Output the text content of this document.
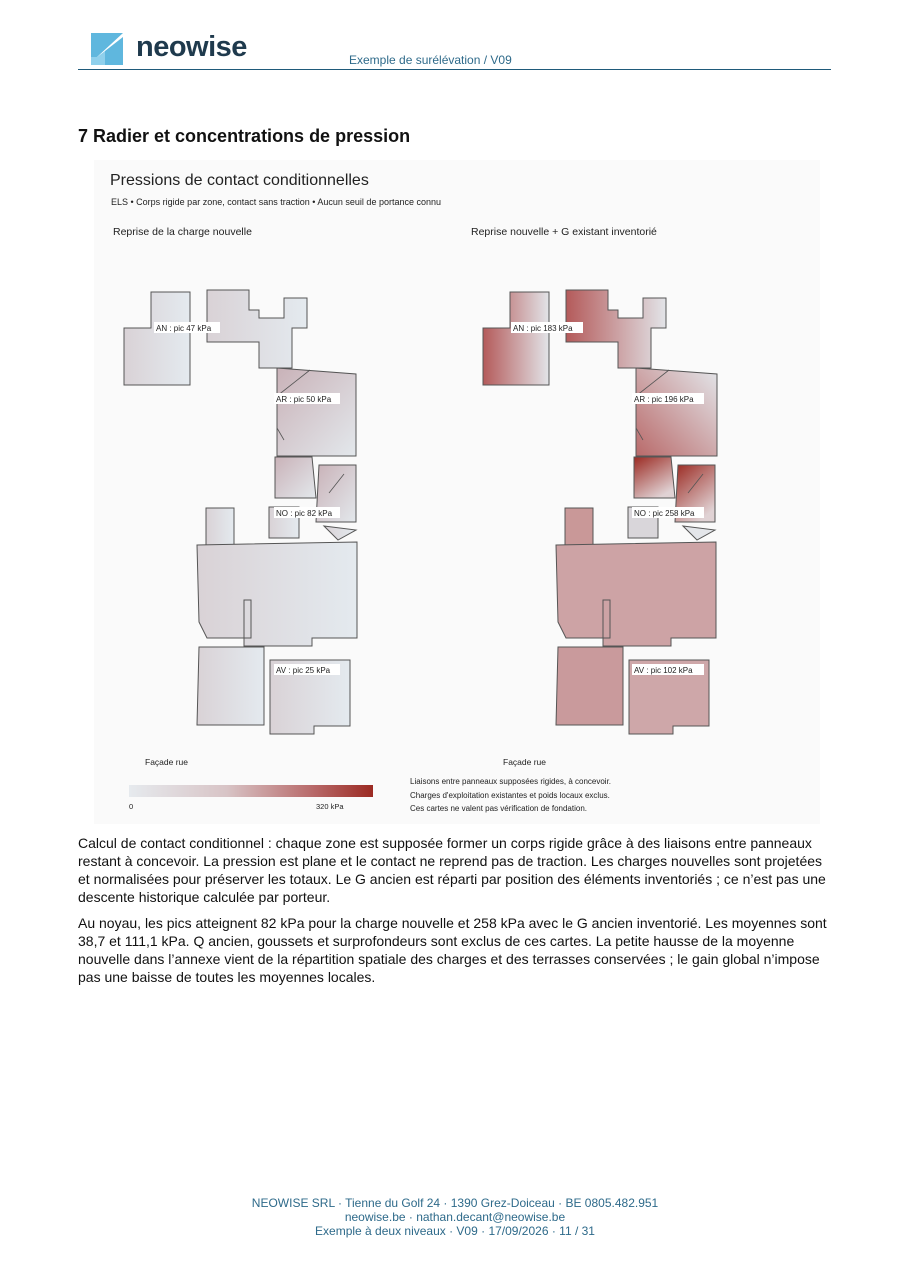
neowise	Exemple de surélévation / V09
7 Radier et concentrations de pression
Pressions de contact conditionnelles
ELS • Corps rigide par zone, contact sans traction • Aucun seuil de portance connu
Reprise de la charge nouvelle	Reprise nouvelle + G existant inventorié
AN : pic 47 kPa
AR : pic 50 kPa
NO : pic 82 kPa
AV : pic 25 kPa
AN : pic 183 kPa
AR : pic 196 kPa
NO : pic 258 kPa
AV : pic 102 kPa
Façade rue	Façade rue
0	320 kPa
Liaisons entre panneaux supposées rigides, à concevoir.
Charges d'exploitation existantes et poids locaux exclus.
Ces cartes ne valent pas vérification de fondation.

Calcul de contact conditionnel : chaque zone est supposée former un corps rigide grâce à des liaisons entre panneaux restant à concevoir. La pression est plane et le contact ne reprend pas de traction. Les charges nouvelles sont projetées et normalisées pour préserver les totaux. Le G ancien est réparti par position des éléments inventoriés ; ce n’est pas une descente historique calculée par porteur.

Au noyau, les pics atteignent 82 kPa pour la charge nouvelle et 258 kPa avec le G ancien inventorié. Les moyennes sont 38,7 et 111,1 kPa. Q ancien, goussets et surprofondeurs sont exclus de ces cartes. La petite hausse de la moyenne nouvelle dans l’annexe vient de la répartition spatiale des charges et des terrasses conservées ; le gain global n’impose pas une baisse de toutes les moyennes locales.

NEOWISE SRL · Tienne du Golf 24 · 1390 Grez-Doiceau · BE 0805.482.951
neowise.be · nathan.decant@neowise.be
Exemple à deux niveaux · V09 · 17/09/2026 · 11 / 31
